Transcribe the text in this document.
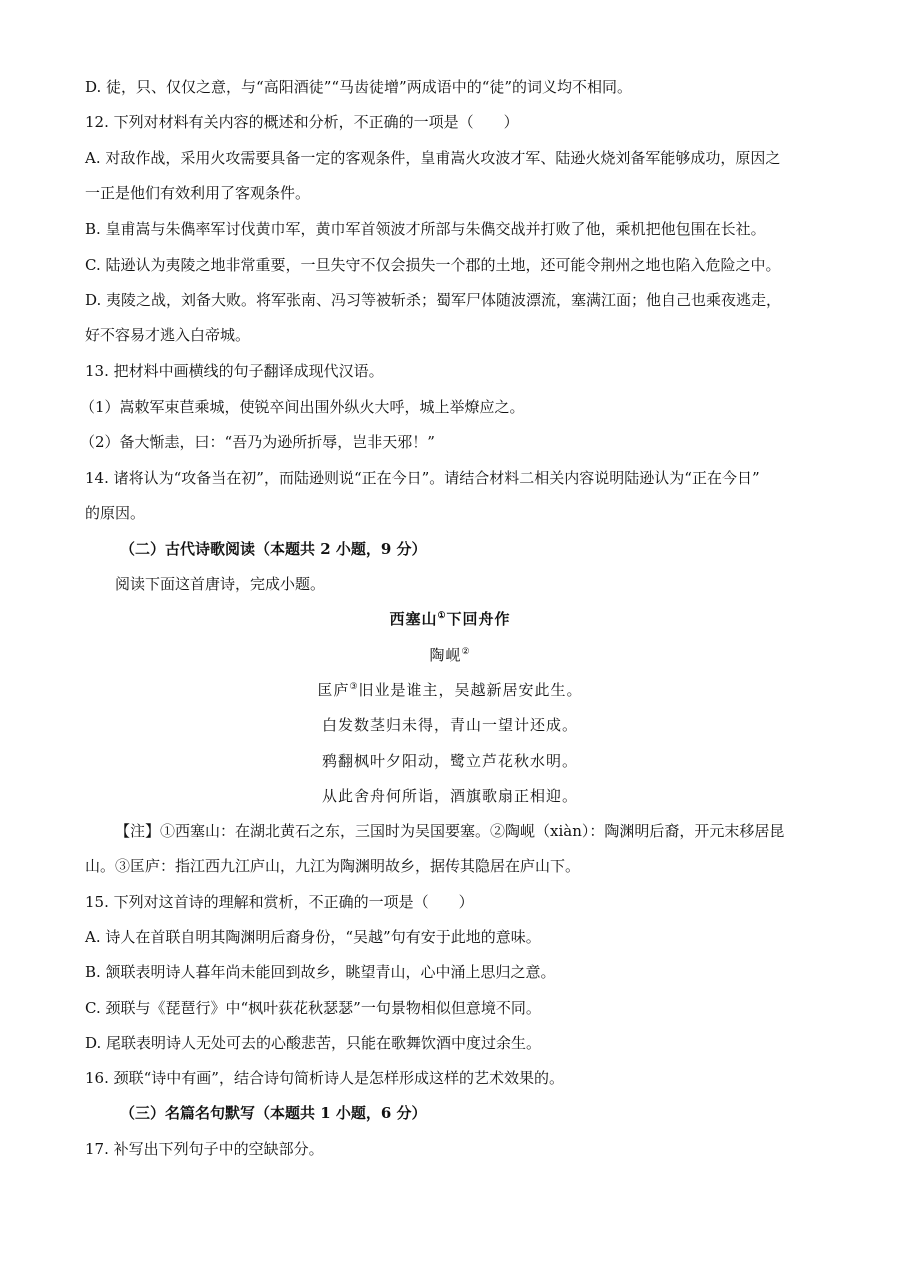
D. 徒，只、仅仅之意，与“高阳酒徒”“马齿徒增”两成语中的“徒”的词义均不相同。
12. 下列对材料有关内容的概述和分析，不正确的一项是（　　）
A. 对敌作战，采用火攻需要具备一定的客观条件，皇甫嵩火攻波才军、陆逊火烧刘备军能够成功，原因之
一正是他们有效利用了客观条件。
B. 皇甫嵩与朱儁率军讨伐黄巾军，黄巾军首领波才所部与朱儁交战并打败了他，乘机把他包围在长社。
C. 陆逊认为夷陵之地非常重要，一旦失守不仅会损失一个郡的土地，还可能令荆州之地也陷入危险之中。
D. 夷陵之战，刘备大败。将军张南、冯习等被斩杀；蜀军尸体随波漂流，塞满江面；他自己也乘夜逃走，
好不容易才逃入白帝城。
13. 把材料中画横线的句子翻译成现代汉语。
（1）嵩敕军束苣乘城，使锐卒间出围外纵火大呼，城上举燎应之。
（2）备大惭恚，曰：“吾乃为逊所折辱，岂非天邪！”
14. 诸将认为“攻备当在初”，而陆逊则说“正在今日”。请结合材料二相关内容说明陆逊认为“正在今日”
的原因。
（二）古代诗歌阅读（本题共 2 小题，9 分）
阅读下面这首唐诗，完成小题。
西塞山①下回舟作
陶岘②
匡庐③旧业是谁主，吴越新居安此生。
白发数茎归未得，青山一望计还成。
鸦翻枫叶夕阳动，鹭立芦花秋水明。
从此舍舟何所诣，酒旗歌扇正相迎。
【注】①西塞山：在湖北黄石之东，三国时为吴国要塞。②陶岘（xiàn）：陶渊明后裔，开元末移居昆
山。③匡庐：指江西九江庐山，九江为陶渊明故乡，据传其隐居在庐山下。
15. 下列对这首诗的理解和赏析，不正确的一项是（　　）
A. 诗人在首联自明其陶渊明后裔身份，“吴越”句有安于此地的意味。
B. 颔联表明诗人暮年尚未能回到故乡，眺望青山，心中涌上思归之意。
C. 颈联与《琵琶行》中“枫叶荻花秋瑟瑟”一句景物相似但意境不同。
D. 尾联表明诗人无处可去的心酸悲苦，只能在歌舞饮酒中度过余生。
16. 颈联“诗中有画”，结合诗句简析诗人是怎样形成这样的艺术效果的。
（三）名篇名句默写（本题共 1 小题，6 分）
17. 补写出下列句子中的空缺部分。
